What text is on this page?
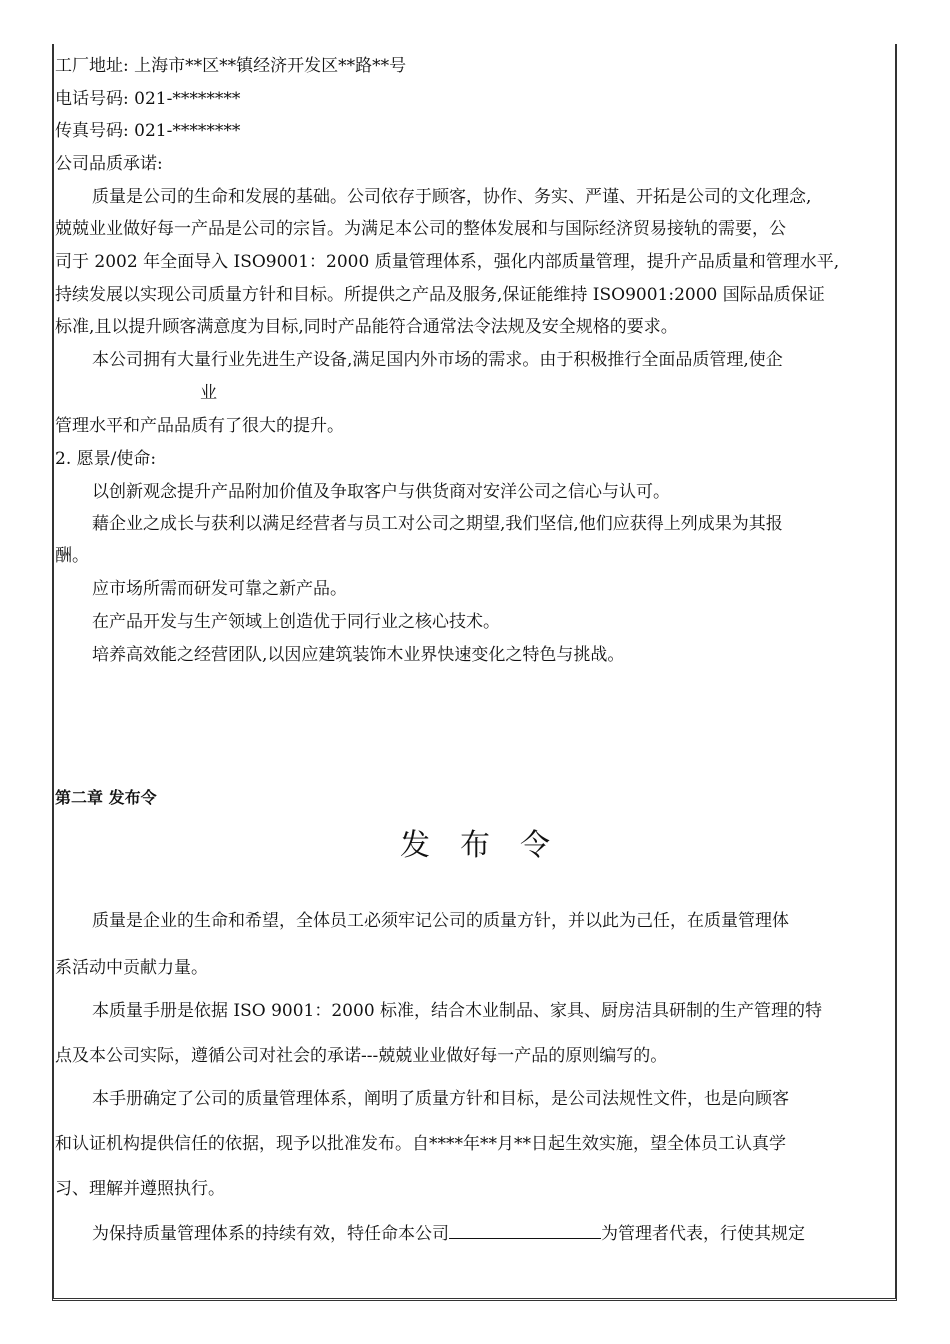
工厂地址: 上海市**区**镇经济开发区**路**号
电话号码: 021-********
传真号码: 021-********
公司品质承诺:
质量是公司的生命和发展的基础。公司依存于顾客，协作、务实、严谨、开拓是公司的文化理念,
兢兢业业做好每一产品是公司的宗旨。为满足本公司的整体发展和与国际经济贸易接轨的需要，公
司于 2002 年全面导入 ISO9001：2000 质量管理体系，强化内部质量管理，提升产品质量和管理水平,
持续发展以实现公司质量方针和目标。所提供之产品及服务,保证能维持 ISO9001:2000 国际品质保证
标准,且以提升顾客满意度为目标,同时产品能符合通常法令法规及安全规格的要求。
本公司拥有大量行业先进生产设备,满足国内外市场的需求。由于积极推行全面品质管理,使企
业
管理水平和产品品质有了很大的提升。
2. 愿景/使命:
以创新观念提升产品附加价值及争取客户与供货商对安洋公司之信心与认可。
藉企业之成长与获利以满足经营者与员工对公司之期望,我们坚信,他们应获得上列成果为其报
酬。
应市场所需而研发可靠之新产品。
在产品开发与生产领域上创造优于同行业之核心技术。
培养高效能之经营团队,以因应建筑装饰木业界快速变化之特色与挑战。
第二章 发布令
发布令
质量是企业的生命和希望，全体员工必须牢记公司的质量方针，并以此为己任，在质量管理体
系活动中贡献力量。
本质量手册是依据 ISO 9001：2000 标准，结合木业制品、家具、厨房洁具研制的生产管理的特
点及本公司实际，遵循公司对社会的承诺---兢兢业业做好每一产品的原则编写的。
本手册确定了公司的质量管理体系，阐明了质量方针和目标，是公司法规性文件，也是向顾客
和认证机构提供信任的依据，现予以批准发布。自****年**月**日起生效实施，望全体员工认真学
习、理解并遵照执行。
为保持质量管理体系的持续有效，特任命本公司	为管理者代表，行使其规定
